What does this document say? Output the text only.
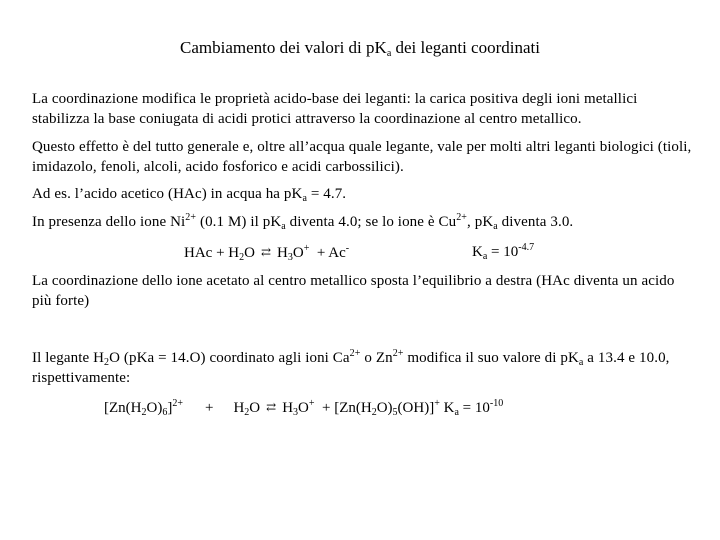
Cambiamento dei valori di $pK_a$ dei leganti coordinati
La coordinazione modifica le proprietà acido-base dei leganti: la carica positiva degli ioni metallici stabilizza la base coniugata di acidi protici attraverso la coordinazione al centro metallico.
Questo effetto è del tutto generale e, oltre all’acqua quale legante, vale per molti altri leganti biologici (tioli, imidazolo, fenoli, alcoli, acido fosforico e acidi carbossilici).
Ad es. l’acido acetico (HAc) in acqua ha $pK_a = 4.7$.
In presenza dello ione $Ni^{2+}$ (0.1 M) il $pK_a$ diventa 4.0; se lo ione è $Cu^{2+}$, $pK_a$ diventa 3.0.
HAc + $H_2O$ ⇄ $H_3O^+ + Ac^-$	$K_a = 10^{-4.7}$
La coordinazione dello ione acetato al centro metallico sposta l’equilibrio a destra (HAc diventa un acido più forte)
Il legante $H_2O$ (pKa = 14.O) coordinato agli ioni $Ca^{2+}$ o $Zn^{2+}$ modifica il suo valore di $pK_a$ a 13.4 e 10.0, rispettivamente:
$[Zn(H_2O)_6]^{2+} + H_2O$ ⇄ $H_3O^+ + [Zn(H_2O)_5(OH)]^+$ $K_a = 10^{-10}$
